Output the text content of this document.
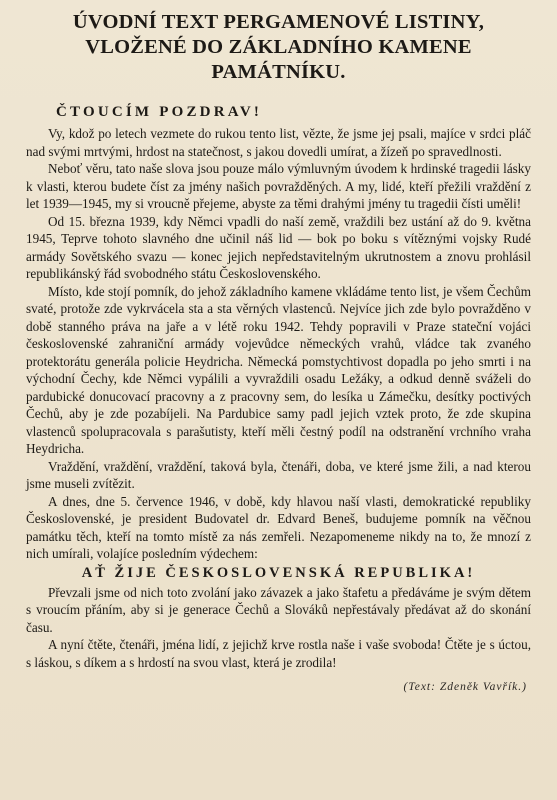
ÚVODNÍ TEXT PERGAMENOVÉ LISTINY,
VLOŽENÉ DO ZÁKLADNÍHO KAMENE PAMÁTNÍKU.
ČTOUCÍM POZDRAV!

Vy, kdož po letech vezmete do rukou tento list, vězte, že jsme jej psali, majíce v srdci pláč nad svými mrtvými, hrdost na statečnost, s jakou dovedli umírat, a žízeň po spravedlnosti.

Neboť věru, tato naše slova jsou pouze málo výmluvným úvodem k hrdinské tragedii lásky k vlasti, kterou budete číst za jmény našich povražděných. A my, lidé, kteří přežili vraždění z let 1939—1945, my si vroucně přejeme, abyste za těmi drahými jmény tu tragedii čísti uměli!

Od 15. března 1939, kdy Němci vpadli do naší země, vraždili bez ustání až do 9. května 1945, Teprve tohoto slavného dne učinil náš lid — bok po boku s vítěznými vojsky Rudé armády Sovětského svazu — konec jejich nepředstavitelným ukrutnostem a znovu prohlásil republikánský řád svobodného státu Československého.

Místo, kde stojí pomník, do jehož základního kamene vkládáme tento list, je všem Čechům svaté, protože zde vykrvácela sta a sta věrných vlastenců. Nejvíce jich zde bylo povražděno v době stanného práva na jaře a v létě roku 1942. Tehdy popravili v Praze stateční vojáci československé zahraniční armády vojevůdce německých vrahů, vládce tak zvaného protektorátu generála policie Heydricha. Německá pomstychtivost dopadla po jeho smrti i na východní Čechy, kde Němci vypálili a vyvraždili osadu Ležáky, a odkud denně sváželi do pardubické donucovací pracovny a z pracovny sem, do lesíka u Zámečku, desítky poctivých Čechů, aby je zde pozabíjeli. Na Pardubice samy padl jejich vztek proto, že zde skupina vlastenců spolupracovala s parašutisty, kteří měli čestný podíl na odstranění vrchního vraha Heydricha.

Vraždění, vraždění, vraždění, taková byla, čtenáři, doba, ve které jsme žili, a nad kterou jsme museli zvítězit.

A dnes, dne 5. července 1946, v době, kdy hlavou naší vlasti, demokratické republiky Československé, je president Budovatel dr. Edvard Beneš, budujeme pomník na věčnou památku těch, kteří na tomto místě za nás zemřeli. Nezapomeneme nikdy na to, že mnozí z nich umírali, volajíce posledním výdechem:

AŤ ŽIJE ČESKOSLOVENSKÁ REPUBLIKA!

Převzali jsme od nich toto zvolání jako závazek a jako štafetu a předáváme je svým dětem s vroucím přáním, aby si je generace Čechů a Slováků nepřestávaly předávat až do skonání času.

A nyní čtěte, čtenáři, jména lidí, z jejichž krve rostla naše i vaše svoboda! Čtěte je s úctou, s láskou, s díkem a s hrdostí na svou vlast, která je zrodila!

(Text: Zdeněk Vavřík.)
